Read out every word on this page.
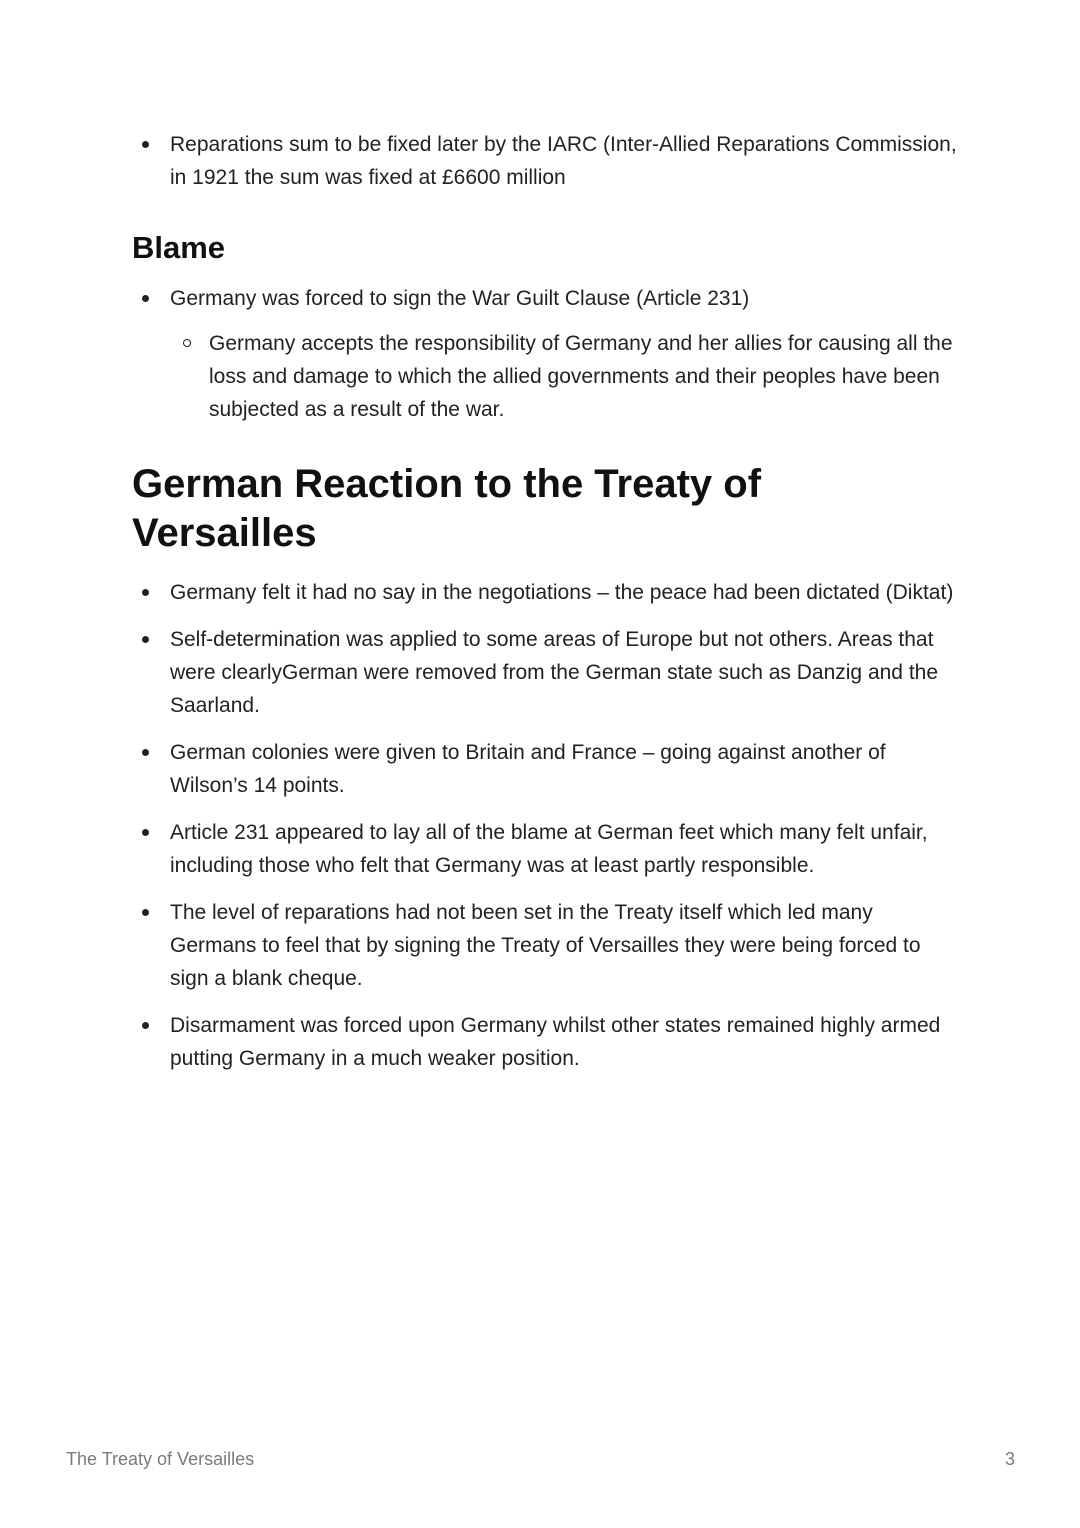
Reparations sum to be fixed later by the IARC (Inter-Allied Reparations Commission, in 1921 the sum was fixed at £6600 million
Blame
Germany was forced to sign the War Guilt Clause (Article 231)
Germany accepts the responsibility of Germany and her allies for causing all the loss and damage to which the allied governments and their peoples have been subjected as a result of the war.
German Reaction to the Treaty of
Versailles
Germany felt it had no say in the negotiations – the peace had been dictated (Diktat)
Self-determination was applied to some areas of Europe but not others. Areas that were clearlyGerman were removed from the German state such as Danzig and the Saarland.
German colonies were given to Britain and France – going against another of Wilson’s 14 points.
Article 231 appeared to lay all of the blame at German feet which many felt unfair, including those who felt that Germany was at least partly responsible.
The level of reparations had not been set in the Treaty itself which led many Germans to feel that by signing the Treaty of Versailles they were being forced to sign a blank cheque.
Disarmament was forced upon Germany whilst other states remained highly armed putting Germany in a much weaker position.
The Treaty of Versailles	3
